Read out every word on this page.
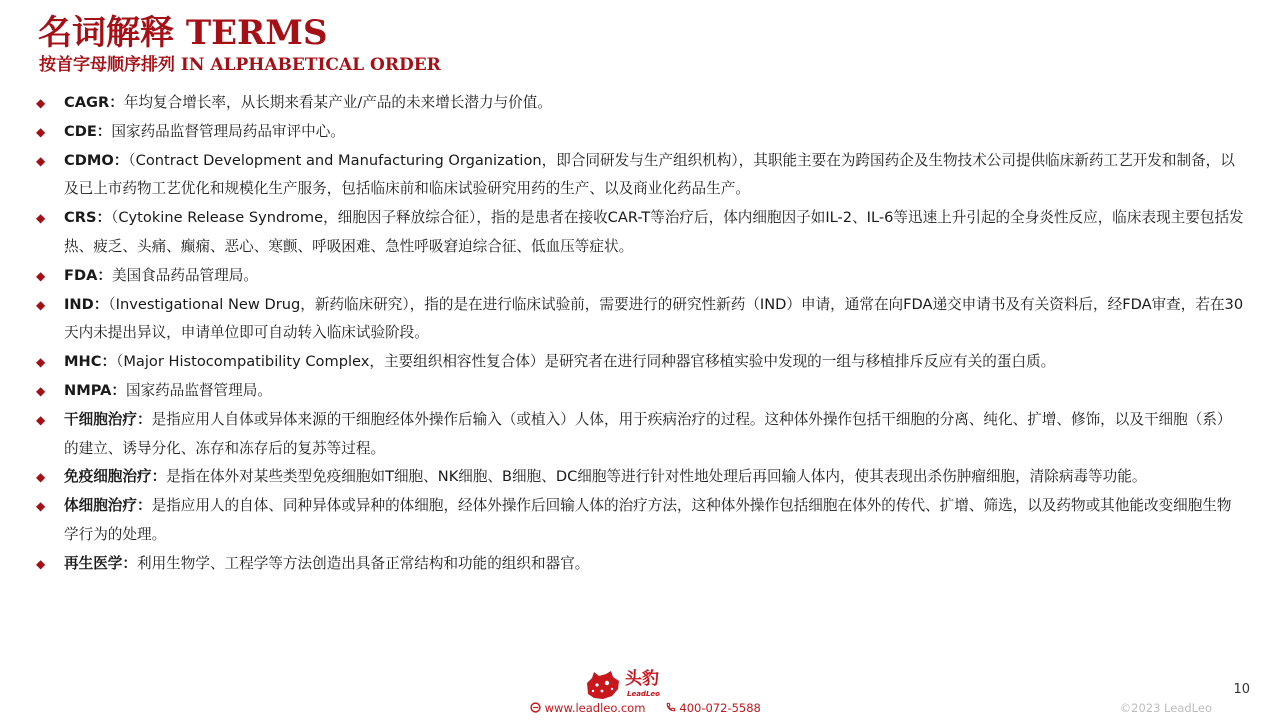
名词解释 TERMS
按首字母顺序排列 IN ALPHABETICAL ORDER
◆ CAGR：年均复合增长率，从长期来看某产业/产品的未来增长潜力与价值。
◆ CDE：国家药品监督管理局药品审评中心。
◆ CDMO：（Contract Development and Manufacturing Organization，即合同研发与生产组织机构），其职能主要在为跨国药企及生物技术公司提供临床新药工艺开发和制备，以及已上市药物工艺优化和规模化生产服务，包括临床前和临床试验研究用药的生产、以及商业化药品生产。
◆ CRS：（Cytokine Release Syndrome，细胞因子释放综合征），指的是患者在接收CAR-T等治疗后，体内细胞因子如IL-2、IL-6等迅速上升引起的全身炎性反应，临床表现主要包括发热、疲乏、头痛、癫痫、恶心、寒颤、呼吸困难、急性呼吸窘迫综合征、低血压等症状。
◆ FDA：美国食品药品管理局。
◆ IND：（Investigational New Drug，新药临床研究），指的是在进行临床试验前，需要进行的研究性新药（IND）申请，通常在向FDA递交申请书及有关资料后，经FDA审查，若在30天内未提出异议，申请单位即可自动转入临床试验阶段。
◆ MHC：（Major Histocompatibility Complex，主要组织相容性复合体）是研究者在进行同种器官移植实验中发现的一组与移植排斥反应有关的蛋白质。
◆ NMPA：国家药品监督管理局。
◆ 干细胞治疗：是指应用人自体或异体来源的干细胞经体外操作后输入（或植入）人体，用于疾病治疗的过程。这种体外操作包括干细胞的分离、纯化、扩增、修饰，以及干细胞（系）的建立、诱导分化、冻存和冻存后的复苏等过程。
◆ 免疫细胞治疗：是指在体外对某些类型免疫细胞如T细胞、NK细胞、B细胞、DC细胞等进行针对性地处理后再回输人体内，使其表现出杀伤肿瘤细胞，清除病毒等功能。
◆ 体细胞治疗：是指应用人的自体、同种异体或异种的体细胞，经体外操作后回输人体的治疗方法，这种体外操作包括细胞在体外的传代、扩增、筛选，以及药物或其他能改变细胞生物学行为的处理。
◆ 再生医学：利用生物学、工程学等方法创造出具备正常结构和功能的组织和器官。
头豹
LeadLeo
www.leadleo.com	400-072-5588
10
©2023 LeadLeo
